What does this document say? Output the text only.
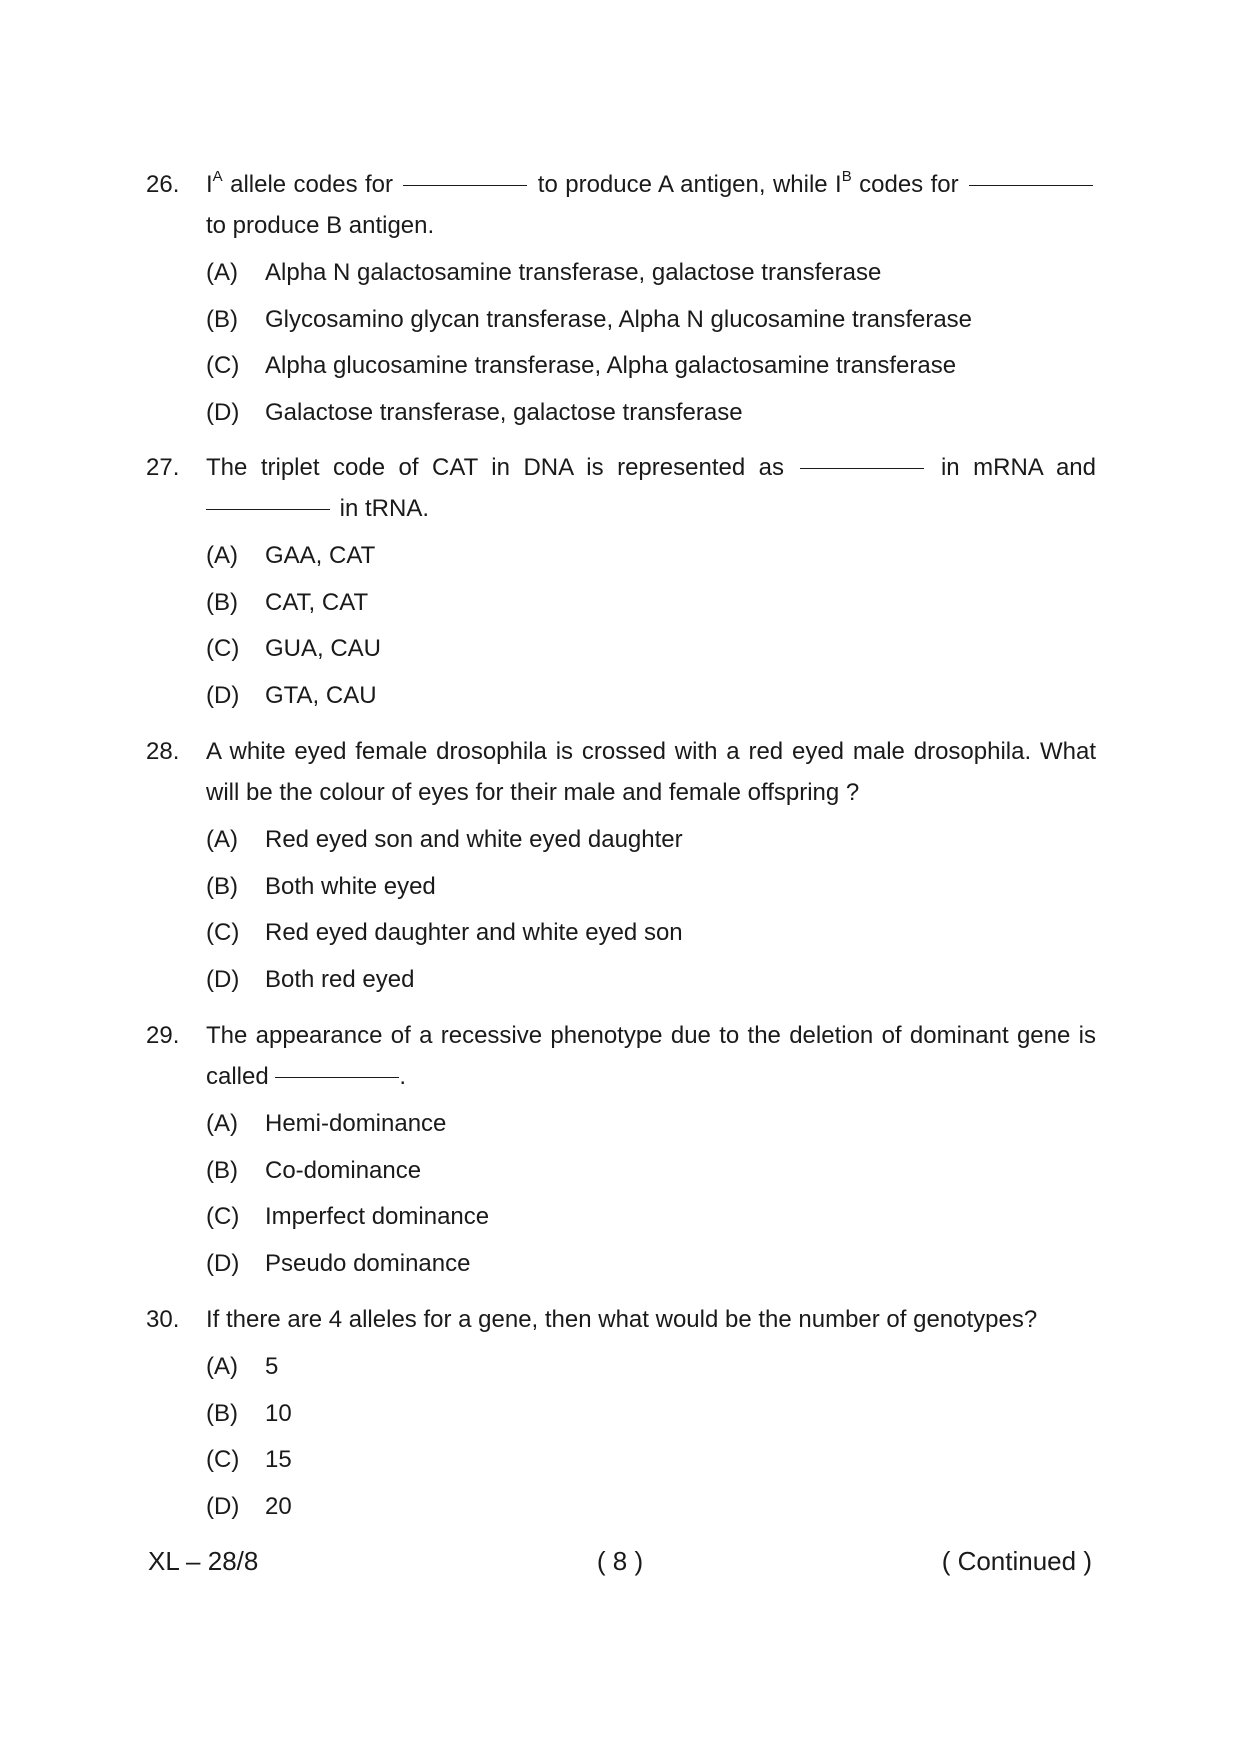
26.	$I^A$ allele codes for	to produce A antigen, while $I^B$ codes for  to produce B antigen.
(A) Alpha N galactosamine transferase, galactose transferase
(B) Glycosamino glycan transferase, Alpha N glucosamine transferase
(C) Alpha glucosamine transferase, Alpha galactosamine transferase
(D) Galactose transferase, galactose transferase
27.	The triplet code of CAT in DNA is represented as	in mRNA and  in tRNA.
(A) GAA, CAT
(B) CAT, CAT
(C) GUA, CAU
(D) GTA, CAU
28.	A white eyed female drosophila is crossed with a red eyed male drosophila. What will be the colour of eyes for their male and female offspring ?
(A) Red eyed son and white eyed daughter
(B) Both white eyed
(C) Red eyed daughter and white eyed son
(D) Both red eyed
29.	The appearance of a recessive phenotype due to the deletion of dominant gene is called	.
(A) Hemi-dominance
(B) Co-dominance
(C) Imperfect dominance
(D) Pseudo dominance
30.	If there are 4 alleles for a gene, then what would be the number of genotypes?
(A) 5
(B) 10
(C) 15
(D) 20
XL – 28/8	( 8 )	( Continued )
